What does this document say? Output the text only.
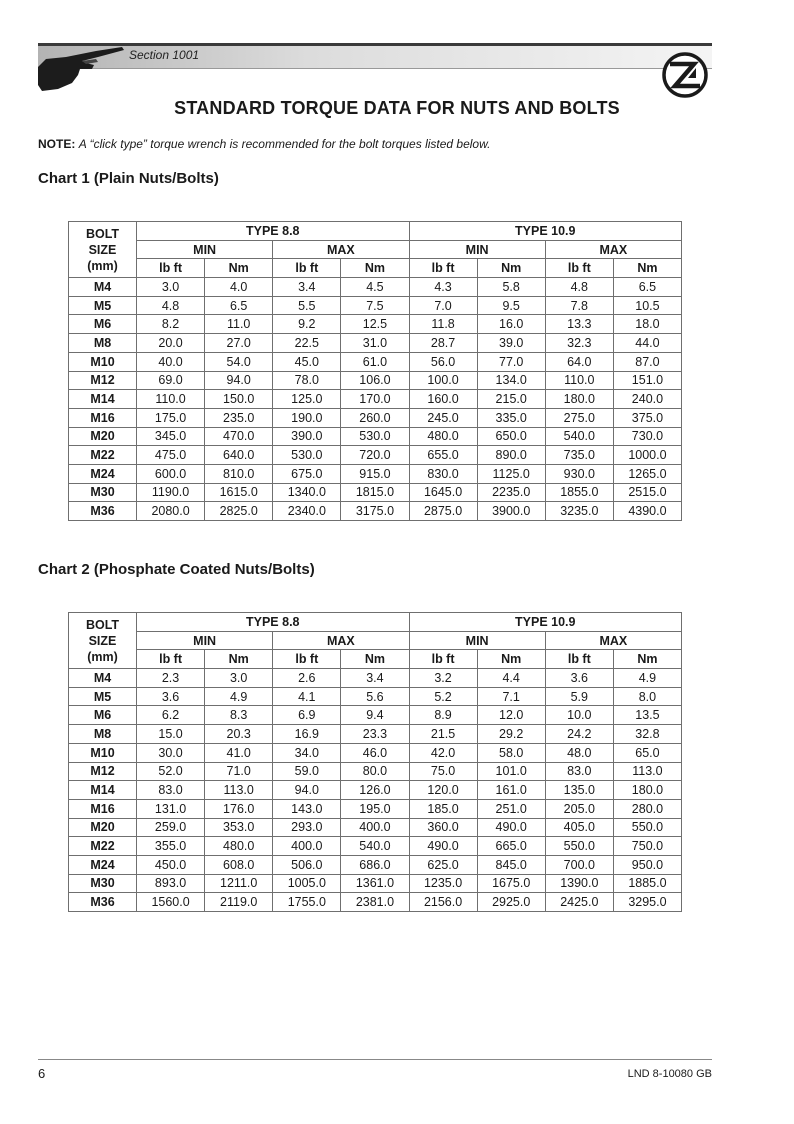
Section 1001
STANDARD TORQUE DATA FOR NUTS AND BOLTS
NOTE: A “click type” torque wrench is recommended for the bolt torques listed below.
Chart 1 (Plain Nuts/Bolts)
BOLT
SIZE
(mm)	TYPE 8.8				TYPE 10.9			
	MIN		MAX		MIN		MAX	
	lb ft	Nm	lb ft	Nm	lb ft	Nm	lb ft	Nm
M4	3.0	4.0	3.4	4.5	4.3	5.8	4.8	6.5
M5	4.8	6.5	5.5	7.5	7.0	9.5	7.8	10.5
M6	8.2	11.0	9.2	12.5	11.8	16.0	13.3	18.0
M8	20.0	27.0	22.5	31.0	28.7	39.0	32.3	44.0
M10	40.0	54.0	45.0	61.0	56.0	77.0	64.0	87.0
M12	69.0	94.0	78.0	106.0	100.0	134.0	110.0	151.0
M14	110.0	150.0	125.0	170.0	160.0	215.0	180.0	240.0
M16	175.0	235.0	190.0	260.0	245.0	335.0	275.0	375.0
M20	345.0	470.0	390.0	530.0	480.0	650.0	540.0	730.0
M22	475.0	640.0	530.0	720.0	655.0	890.0	735.0	1000.0
M24	600.0	810.0	675.0	915.0	830.0	1125.0	930.0	1265.0
M30	1190.0	1615.0	1340.0	1815.0	1645.0	2235.0	1855.0	2515.0
M36	2080.0	2825.0	2340.0	3175.0	2875.0	3900.0	3235.0	4390.0
Chart 2 (Phosphate Coated Nuts/Bolts)
BOLT
SIZE
(mm)	TYPE 8.8				TYPE 10.9			
	MIN		MAX		MIN		MAX	
	lb ft	Nm	lb ft	Nm	lb ft	Nm	lb ft	Nm
M4	2.3	3.0	2.6	3.4	3.2	4.4	3.6	4.9
M5	3.6	4.9	4.1	5.6	5.2	7.1	5.9	8.0
M6	6.2	8.3	6.9	9.4	8.9	12.0	10.0	13.5
M8	15.0	20.3	16.9	23.3	21.5	29.2	24.2	32.8
M10	30.0	41.0	34.0	46.0	42.0	58.0	48.0	65.0
M12	52.0	71.0	59.0	80.0	75.0	101.0	83.0	113.0
M14	83.0	113.0	94.0	126.0	120.0	161.0	135.0	180.0
M16	131.0	176.0	143.0	195.0	185.0	251.0	205.0	280.0
M20	259.0	353.0	293.0	400.0	360.0	490.0	405.0	550.0
M22	355.0	480.0	400.0	540.0	490.0	665.0	550.0	750.0
M24	450.0	608.0	506.0	686.0	625.0	845.0	700.0	950.0
M30	893.0	1211.0	1005.0	1361.0	1235.0	1675.0	1390.0	1885.0
M36	1560.0	2119.0	1755.0	2381.0	2156.0	2925.0	2425.0	3295.0
6	LND 8-10080 GB
